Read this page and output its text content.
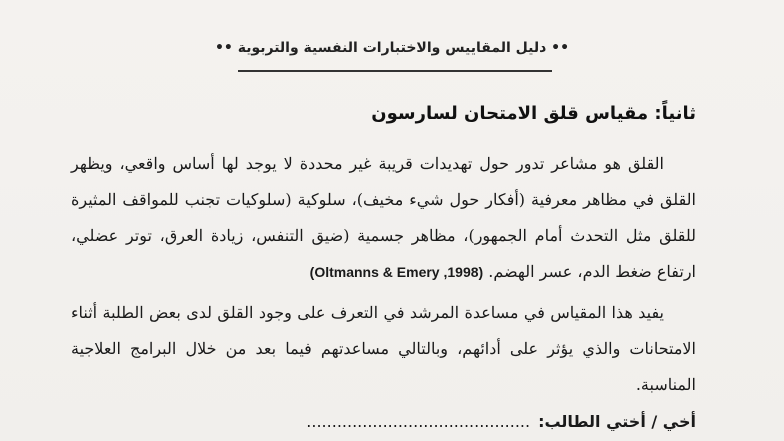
•• دليل المقاييس والاختبارات النفسية والتربوية ••
ثانياً: مقياس قلق الامتحان لسارسون

القلق هو مشاعر تدور حول تهديدات قريبة غير محددة لا يوجد لها أساس واقعي، ويظهر القلق في مظاهر معرفية (أفكار حول شيء مخيف)، سلوكية (سلوكيات تجنب للمواقف المثيرة للقلق مثل التحدث أمام الجمهور)، مظاهر جسمية (ضيق التنفس، زيادة العرق، توتر عضلي، ارتفاع ضغط الدم، عسر الهضم. (Oltmanns & Emery ,1998)

يفيد هذا المقياس في مساعدة المرشد في التعرف على وجود القلق لدى بعض الطلبة أثناء الامتحانات والذي يؤثر على أدائهم، وبالتالي مساعدتهم فيما بعد من خلال البرامج العلاجية المناسبة.

أخي / أختي الطالب:............................................
